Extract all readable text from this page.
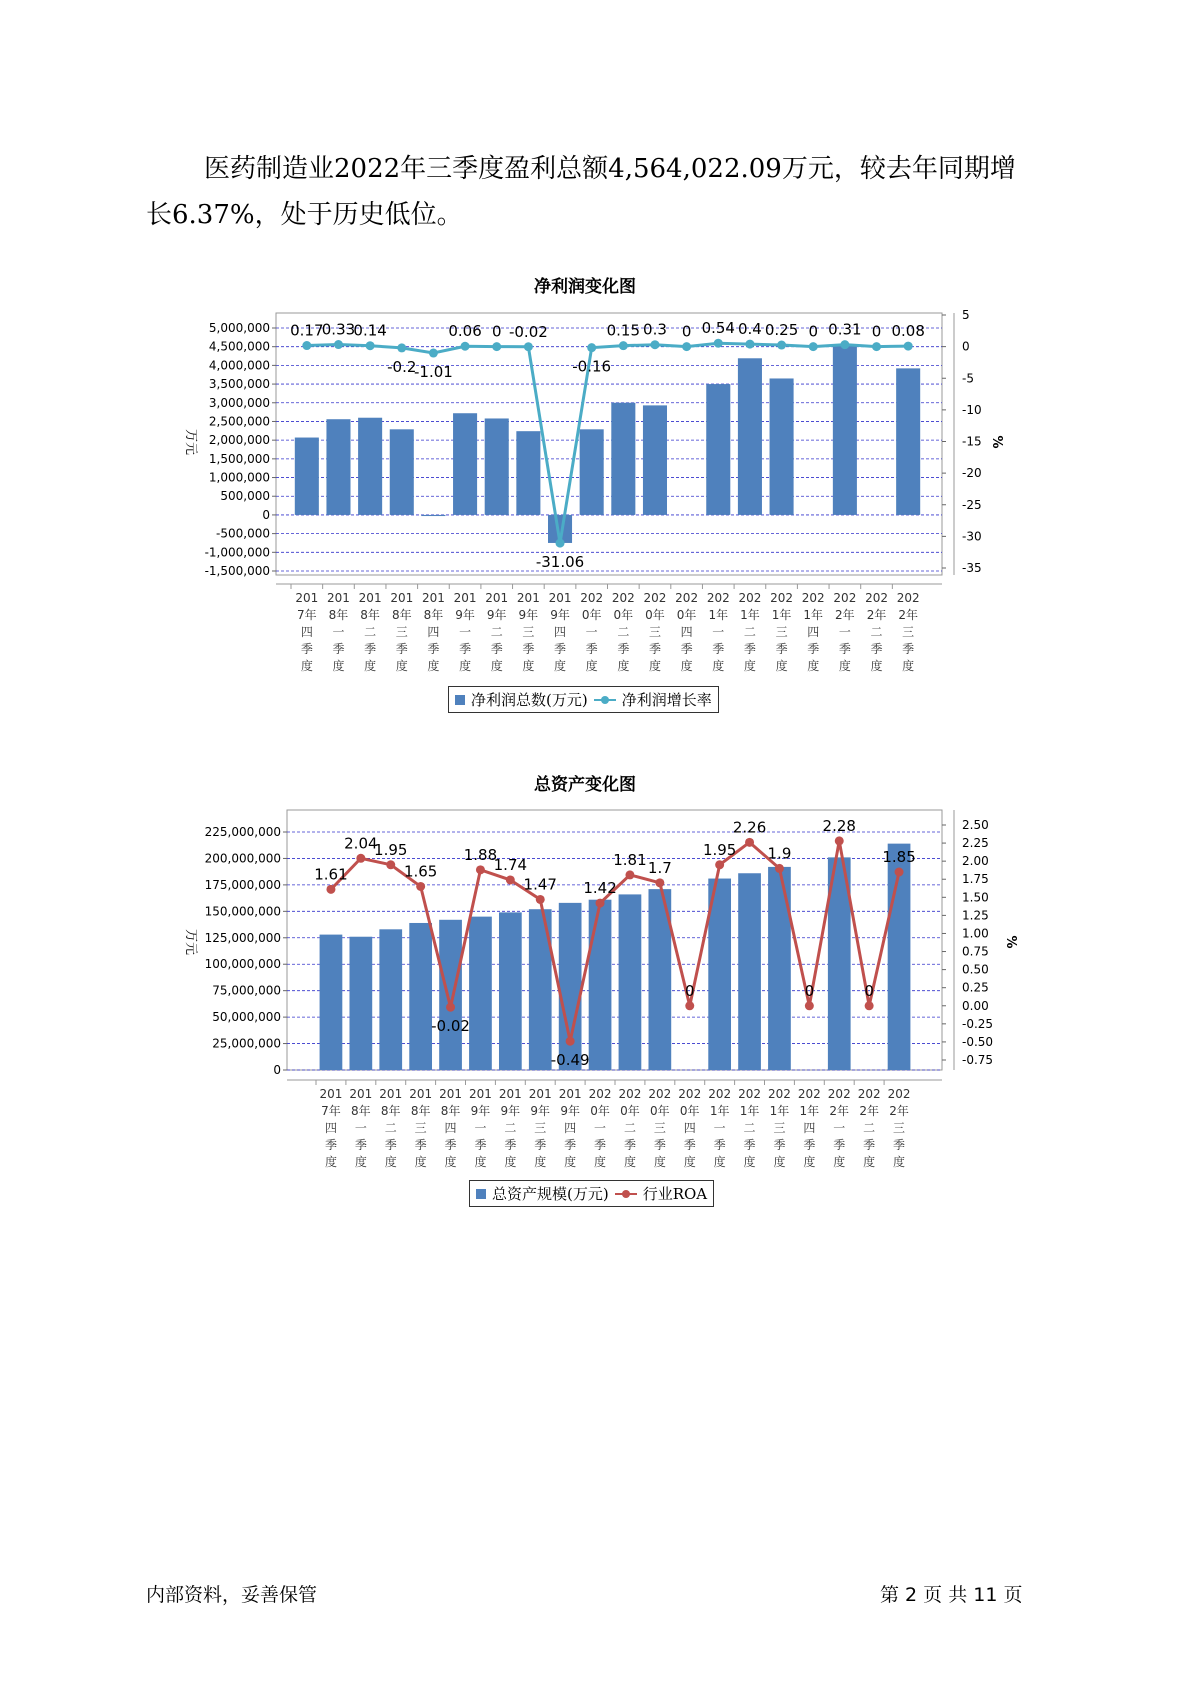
医药制造业2022年三季度盈利总额4,564,022.09万元，较去年同期增
长6.37%，处于历史低位。

净利润变化图
5,000,000
4,500,000
4,000,000
3,500,000
3,000,000
2,500,000
2,000,000
1,500,000
1,000,000
500,000
0
-500,000
-1,000,000
-1,500,000
5
0
-5
-10
-15
-20
-25
-30
-35
万元	%
0.17
0.33
0.14
-0.2
-1.01
0.06 0 -0.02
-31.06
-0.16
0.15 0.3 0 0.54 0.4 0.25 0 0.31 0 0.08
201 7年四季度
201 8年一季度
201 8年二季度
201 8年三季度
201 8年四季度
201 9年一季度
201 9年二季度
201 9年三季度
201 9年四季度
202 0年一季度
202 0年二季度
202 0年三季度
202 0年四季度
202 1年一季度
202 1年二季度
202 1年三季度
202 1年四季度
202 2年一季度
202 2年二季度
202 2年三季度
净利润总数(万元) 净利润增长率
总资产变化图
225,000,000
200,000,000
175,000,000
150,000,000
125,000,000
100,000,000
75,000,000
50,000,000
25,000,000
0
2.50
2.25
2.00
1.75
1.50
1.25
1.00
0.75
0.50
0.25
0.00
-0.25
-0.50
-0.75
万元	%
1.61
2.04
1.95
1.65
-0.02
1.88
1.74
1.47
-0.49
1.42
1.81 1.7
0
1.95
2.26
1.9
0
2.28
0
1.85
201 7年四季度
201 8年一季度
201 8年二季度
201 8年三季度
201 8年四季度
201 9年一季度
201 9年二季度
201 9年三季度
201 9年四季度
202 0年一季度
202 0年二季度
202 0年三季度
202 0年四季度
202 1年一季度
202 1年二季度
202 1年三季度
202 1年四季度
202 2年一季度
202 2年二季度
202 2年三季度
总资产规模(万元) 行业ROA
内部资料，妥善保管	第 2 页 共 11 页
